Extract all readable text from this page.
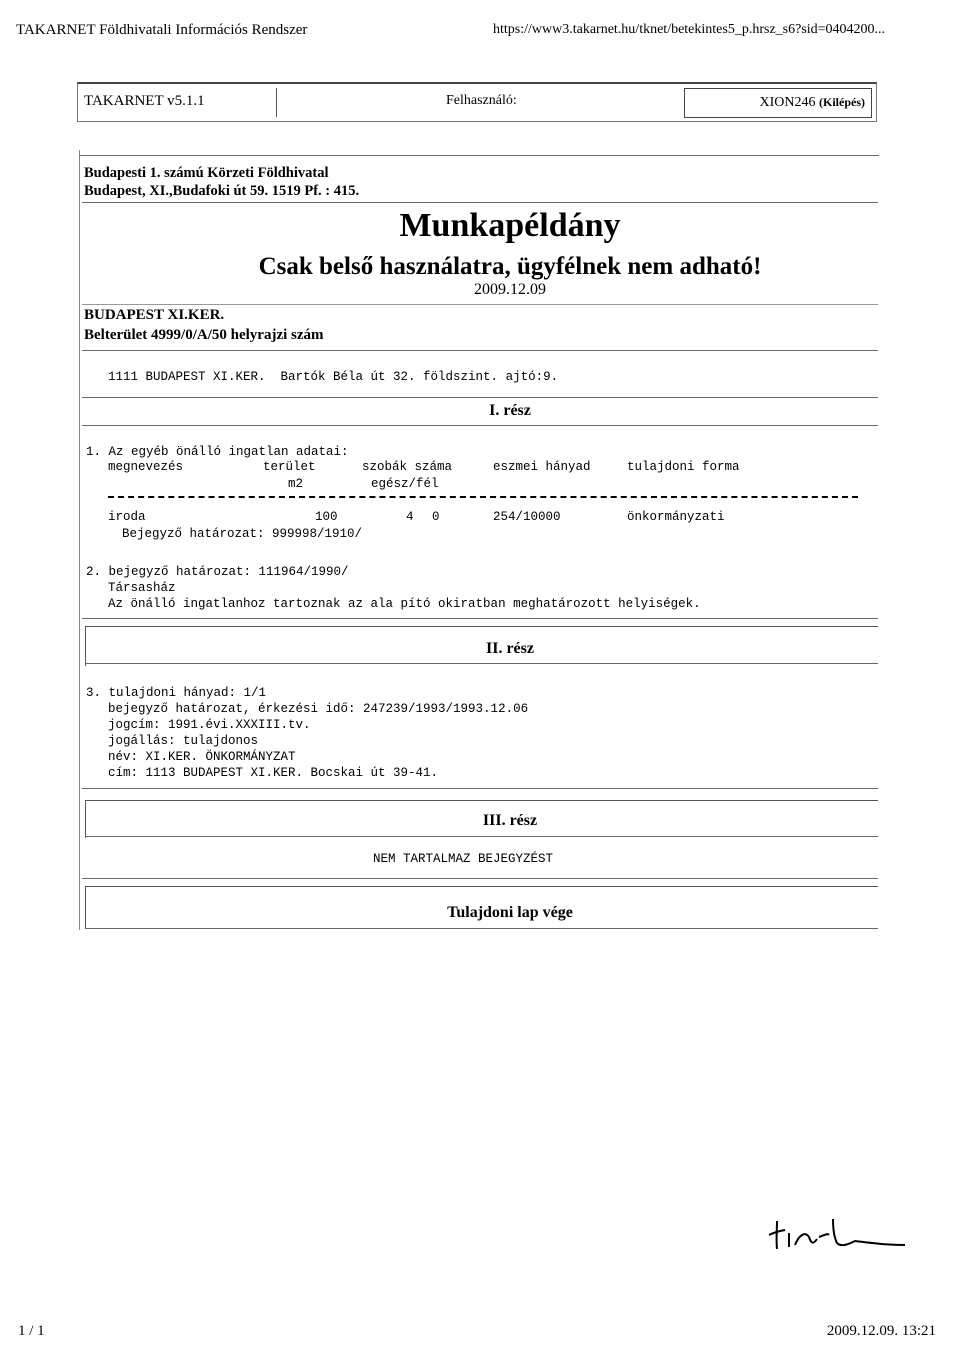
TAKARNET Földhivatali Információs Rendszer	https://www3.takarnet.hu/tknet/betekintes5_p.hrsz_s6?sid=0404200...
TAKARNET v5.1.1	Felhasználó:	XION246 (Kilépés)
Budapesti 1. számú Körzeti Földhivatal
Budapest, XI.,Budafoki út 59. 1519 Pf. : 415.
Munkapéldány
Csak belső használatra, ügyfélnek nem adható!
2009.12.09
BUDAPEST XI.KER.
Belterület 4999/0/A/50 helyrajzi szám
1111 BUDAPEST XI.KER.  Bartók Béla út 32. földszint. ajtó:9.
I. rész
1. Az egyéb önálló ingatlan adatai:
megnevezés	terület	szobák száma	eszmei hányad	tulajdoni forma
m2	egész/fél
iroda	100	4 0	254/10000	önkormányzati
Bejegyző határozat: 999998/1910/
2. bejegyző határozat: 111964/1990/
Társasház
Az önálló ingatlanhoz tartoznak az ala pító okiratban meghatározott helyiségek.
II. rész
3. tulajdoni hányad: 1/1
bejegyző határozat, érkezési idő: 247239/1993/1993.12.06
jogcím: 1991.évi.XXXIII.tv.
jogállás: tulajdonos
név: XI.KER. ÖNKORMÁNYZAT
cím: 1113 BUDAPEST XI.KER. Bocskai út 39-41.
III. rész
NEM TARTALMAZ BEJEGYZÉST
Tulajdoni lap vége
1 / 1	2009.12.09. 13:21
